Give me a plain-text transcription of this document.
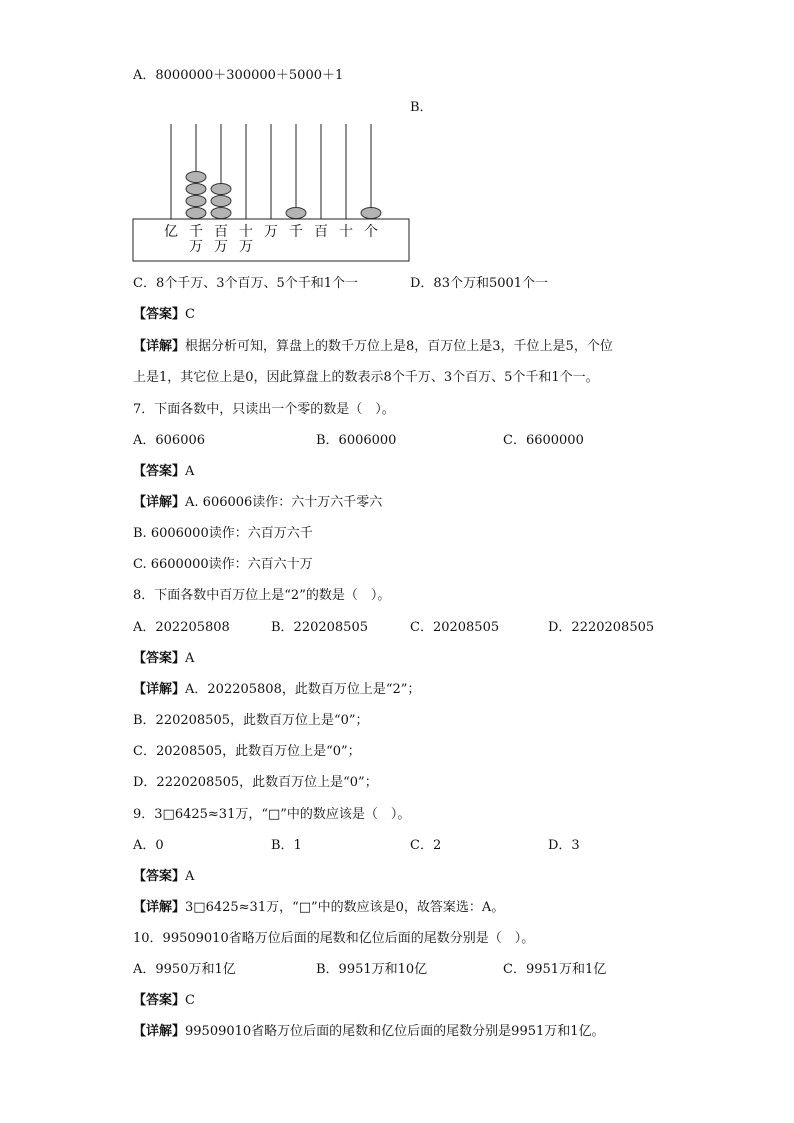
A．8000000＋300000＋5000＋1
B．
亿 千万
百万
十万
万 千 百 十 个
C．8个千万、3个百万、5个千和1个一	D．83个万和5001个一
【答案】C
【详解】根据分析可知，算盘上的数千万位上是8，百万位上是3，千位上是5，个位
上是1，其它位上是0，因此算盘上的数表示8个千万、3个百万、5个千和1个一。
7．下面各数中，只读出一个零的数是（　）。
A．606006	B．6006000	C．6600000
【答案】A
【详解】A. 606006读作：六十万六千零六
B. 6006000读作：六百万六千
C. 6600000读作：六百六十万
8．下面各数中百万位上是“2”的数是（　）。
A．202205808	B．220208505	C．20208505	D．2220208505
【答案】A
【详解】A．202205808，此数百万位上是“2”；
B．220208505，此数百万位上是“0”；
C．20208505，此数百万位上是“0”；
D．2220208505，此数百万位上是“0”；
9．3□6425≈31万，“□”中的数应该是（　）。
A．0	B．1	C．2	D．3
【答案】A
【详解】3□6425≈31万，“□”中的数应该是0，故答案选：A。
10．99509010省略万位后面的尾数和亿位后面的尾数分别是（　）。
A．9950万和1亿	B．9951万和10亿	C．9951万和1亿
【答案】C
【详解】99509010省略万位后面的尾数和亿位后面的尾数分别是9951万和1亿。
